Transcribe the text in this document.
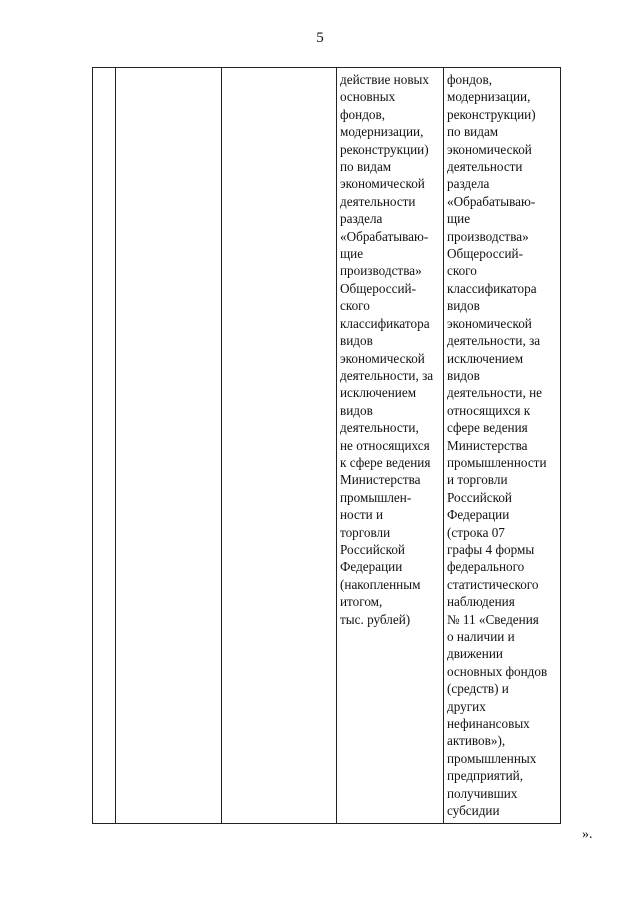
5
			действие новых
основных
фондов,
модернизации,
реконструкции)
по видам
экономической
деятельности
раздела
«Обрабатываю-
щие
производства»
Общероссий-
ского
классификатора
видов
экономической
деятельности, за
исключением
видов
деятельности,
не относящихся
к сфере ведения
Министерства
промышлен-
ности и
торговли
Российской
Федерации
(накопленным
итогом,
тыс. рублей)	фондов,
модернизации,
реконструкции)
по видам
экономической
деятельности
раздела
«Обрабатываю-
щие
производства»
Общероссий-
ского
классификатора
видов
экономической
деятельности, за
исключением
видов
деятельности, не
относящихся к
сфере ведения
Министерства
промышленности
и торговли
Российской
Федерации
(строка 07
графы 4 формы
федерального
статистического
наблюдения
№ 11 «Сведения
о наличии и
движении
основных фондов
(средств) и
других
нефинансовых
активов»),
промышленных
предприятий,
получивших
субсидии
».
